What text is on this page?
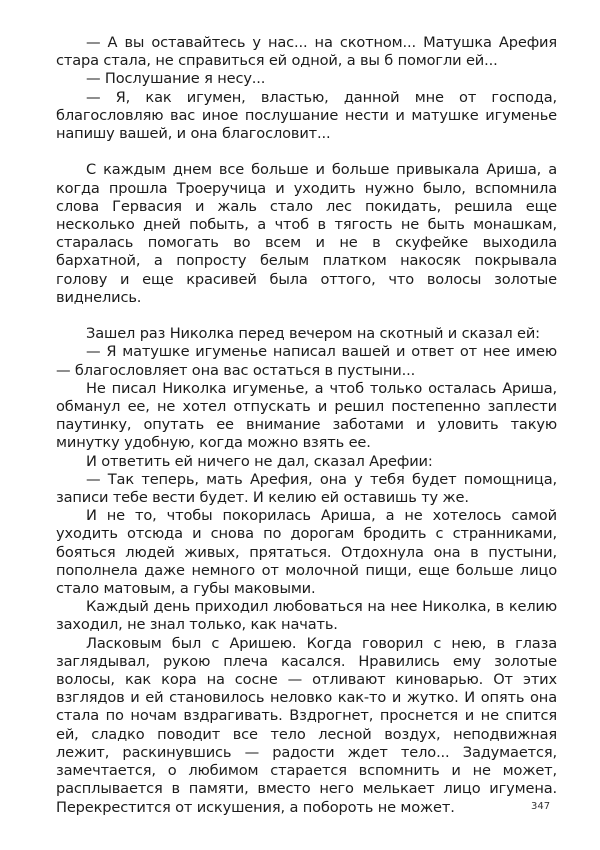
— А вы оставайтесь у нас... на скотном... Матушка Арефия стара стала, не справиться ей одной, а вы б помогли ей...

— Послушание я несу...

— Я, как игумен, властью, данной мне от господа, благословляю вас иное послушание нести и матушке игуменье напишу вашей, и она благословит...

С каждым днем все больше и больше привыкала Ариша, а когда прошла Троеручица и уходить нужно было, вспомнила слова Гервасия и жаль стало лес покидать, решила еще несколько дней побыть, а чтоб в тягость не быть монашкам, старалась помогать во всем и не в скуфейке выходила бархатной, а попросту белым платком накосяк покрывала голову и еще красивей была оттого, что волосы золотые виднелись.

Зашел раз Николка перед вечером на скотный и сказал ей:

— Я матушке игуменье написал вашей и ответ от нее имею — благословляет она вас остаться в пустыни...

Не писал Николка игуменье, а чтоб только осталась Ариша, обманул ее, не хотел отпускать и решил постепенно заплести паутинку, опутать ее внимание заботами и уловить такую минутку удобную, когда можно взять ее.

И ответить ей ничего не дал, сказал Арефии:

— Так теперь, мать Арефия, она у тебя будет помощница, записи тебе вести будет. И келию ей оставишь ту же.

И не то, чтобы покорилась Ариша, а не хотелось самой уходить отсюда и снова по дорогам бродить с странниками, бояться людей живых, прятаться. Отдохнула она в пустыни, пополнела даже немного от молочной пищи, еще больше лицо стало матовым, а губы маковыми.

Каждый день приходил любоваться на нее Николка, в келию заходил, не знал только, как начать.

Ласковым был с Аришею. Когда говорил с нею, в глаза заглядывал, рукою плеча касался. Нравились ему золотые волосы, как кора на сосне — отливают киноварью. От этих взглядов и ей становилось неловко как-то и жутко. И опять она стала по ночам вздрагивать. Вздрогнет, проснется и не спится ей, сладко поводит все тело лесной воздух, неподвижная лежит, раскинувшись — радости ждет тело... Задумается, замечтается, о любимом старается вспомнить и не может, расплывается в памяти, вместо него мелькает лицо игумена. Перекрестится от искушения, а побороть не может.	347
